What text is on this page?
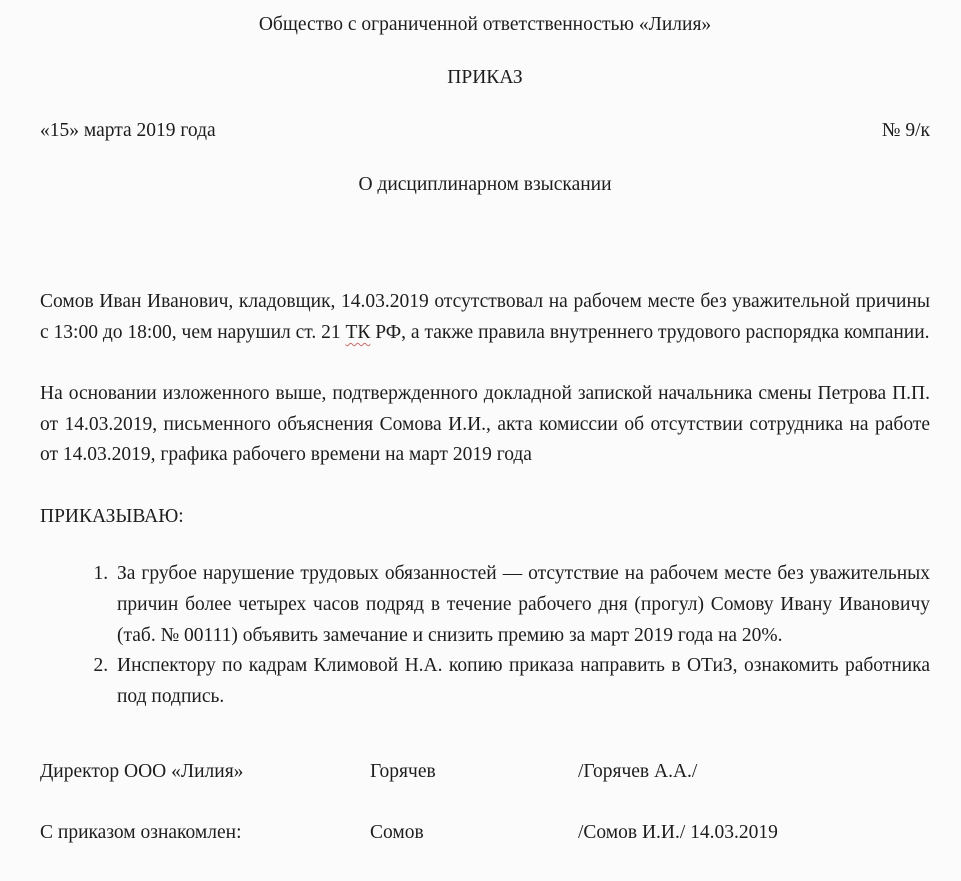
Общество с ограниченной ответственностью «Лилия»
ПРИКАЗ
«15» марта 2019 года	№ 9/к
О дисциплинарном взыскании

Сомов Иван Иванович, кладовщик, 14.03.2019 отсутствовал на рабочем месте без уважительной причины с 13:00 до 18:00, чем нарушил ст. 21 ТК РФ, а также правила внутреннего трудового распорядка компании.

На основании изложенного выше, подтвержденного докладной запиской начальника смены Петрова П.П. от 14.03.2019, письменного объяснения Сомова И.И., акта комиссии об отсутствии сотрудника на работе от 14.03.2019, графика рабочего времени на март 2019 года

ПРИКАЗЫВАЮ:
1. За грубое нарушение трудовых обязанностей — отсутствие на рабочем месте без уважительных причин более четырех часов подряд в течение рабочего дня (прогул) Сомову Ивану Ивановичу (таб. № 00111) объявить замечание и снизить премию за март 2019 года на 20%.
2. Инспектору по кадрам Климовой Н.А. копию приказа направить в ОТиЗ, ознакомить работника под подпись.
Директор ООО «Лилия»	Горячев	/Горячев А.А./
С приказом ознакомлен:	Сомов	/Сомов И.И./ 14.03.2019
